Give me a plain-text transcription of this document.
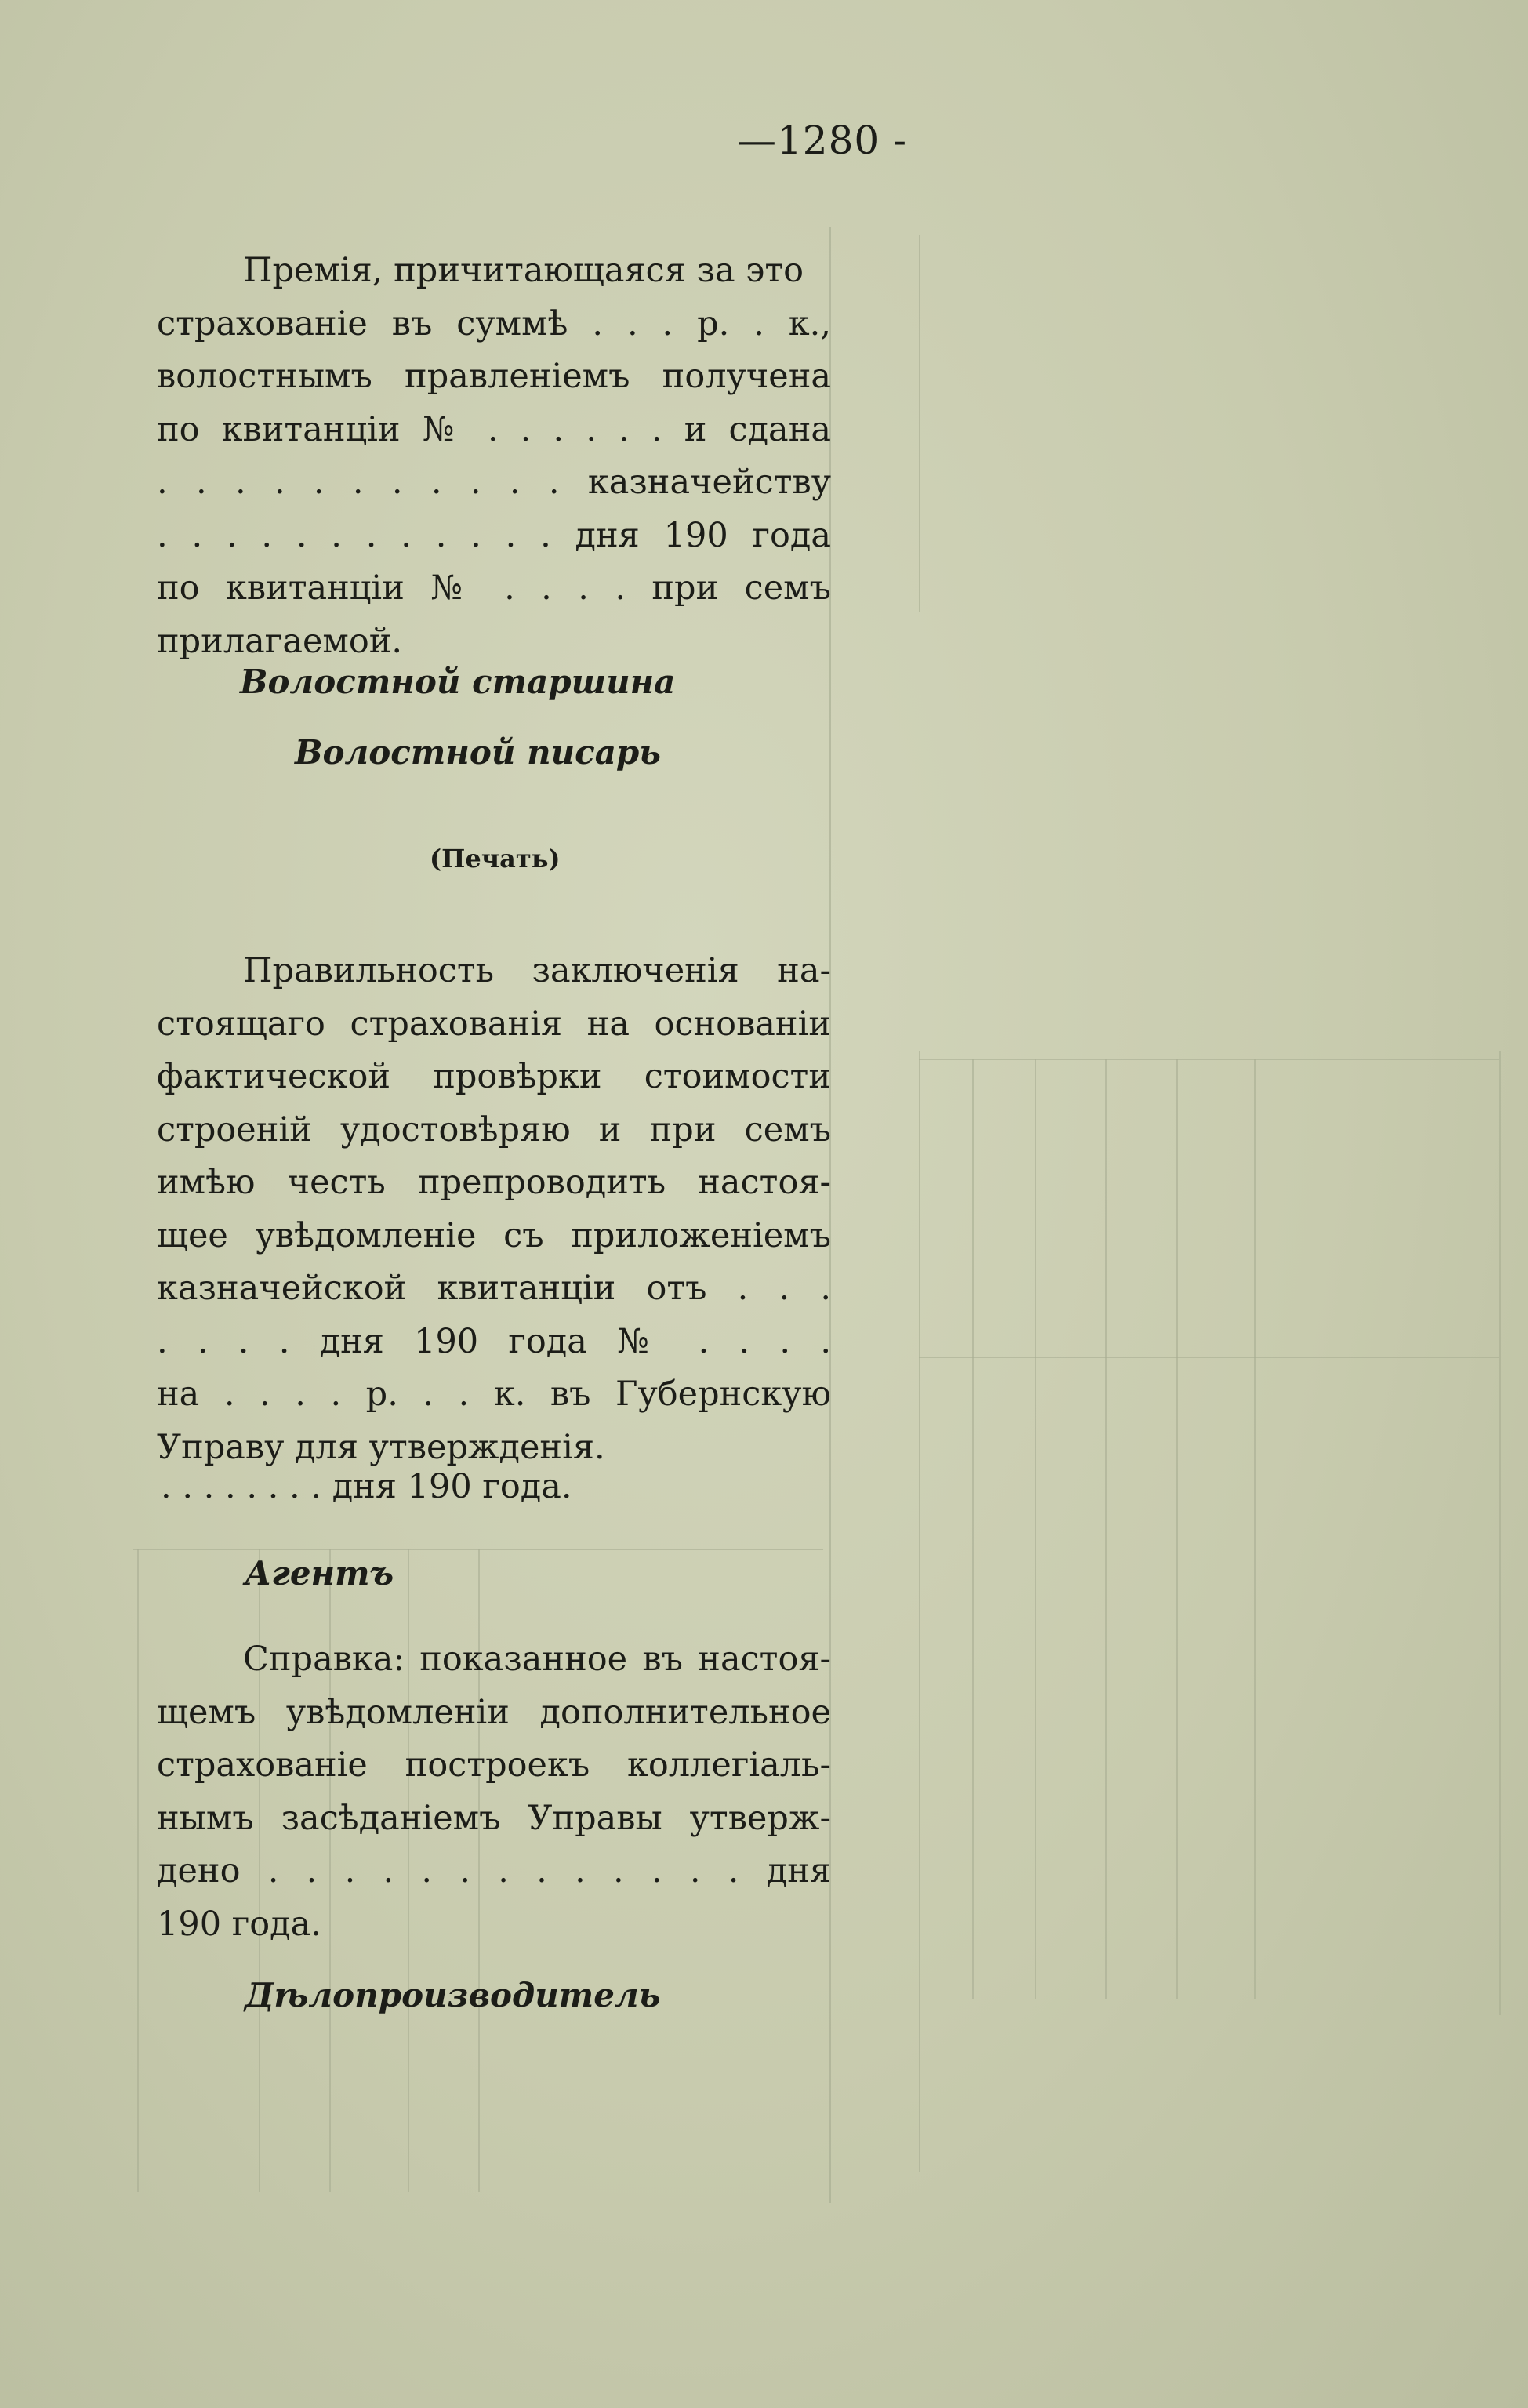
—1280 -
Премія, причитающаяся за это
страхованіе въ суммѣ . . . р. . к.,
волостнымъ правленіемъ получена
по квитанціи № . . . . . . и сдана
. . . . . . . . . . . казначейству
. . . . . . . . . . . . дня 190 года
по квитанціи № . . . . при семъ
прилагаемой.
Волостной старшина
Волостной писарь
(Печать)
Правильность заключенія на-
стоящаго страхованія на основаніи
фактической провѣрки стоимости
строеній удостовѣряю и при семъ
имѣю честь препроводить настоя-
щее увѣдомленіе съ приложеніемъ
казначейской квитанціи отъ . . .
. . . . дня 190 года № . . . .
на . . . . р. . . к. въ Губернскую
Управу для утвержденія.
. . . . . . . . дня 190 года.
Агентъ
Справка: показанное въ настоя-
щемъ увѣдомленіи дополнительное
страхованіе построекъ коллегіаль-
нымъ засѣданіемъ Управы утверж-
дено . . . . . . . . . . . . . дня
190 года.
Дѣлопроизводитель
